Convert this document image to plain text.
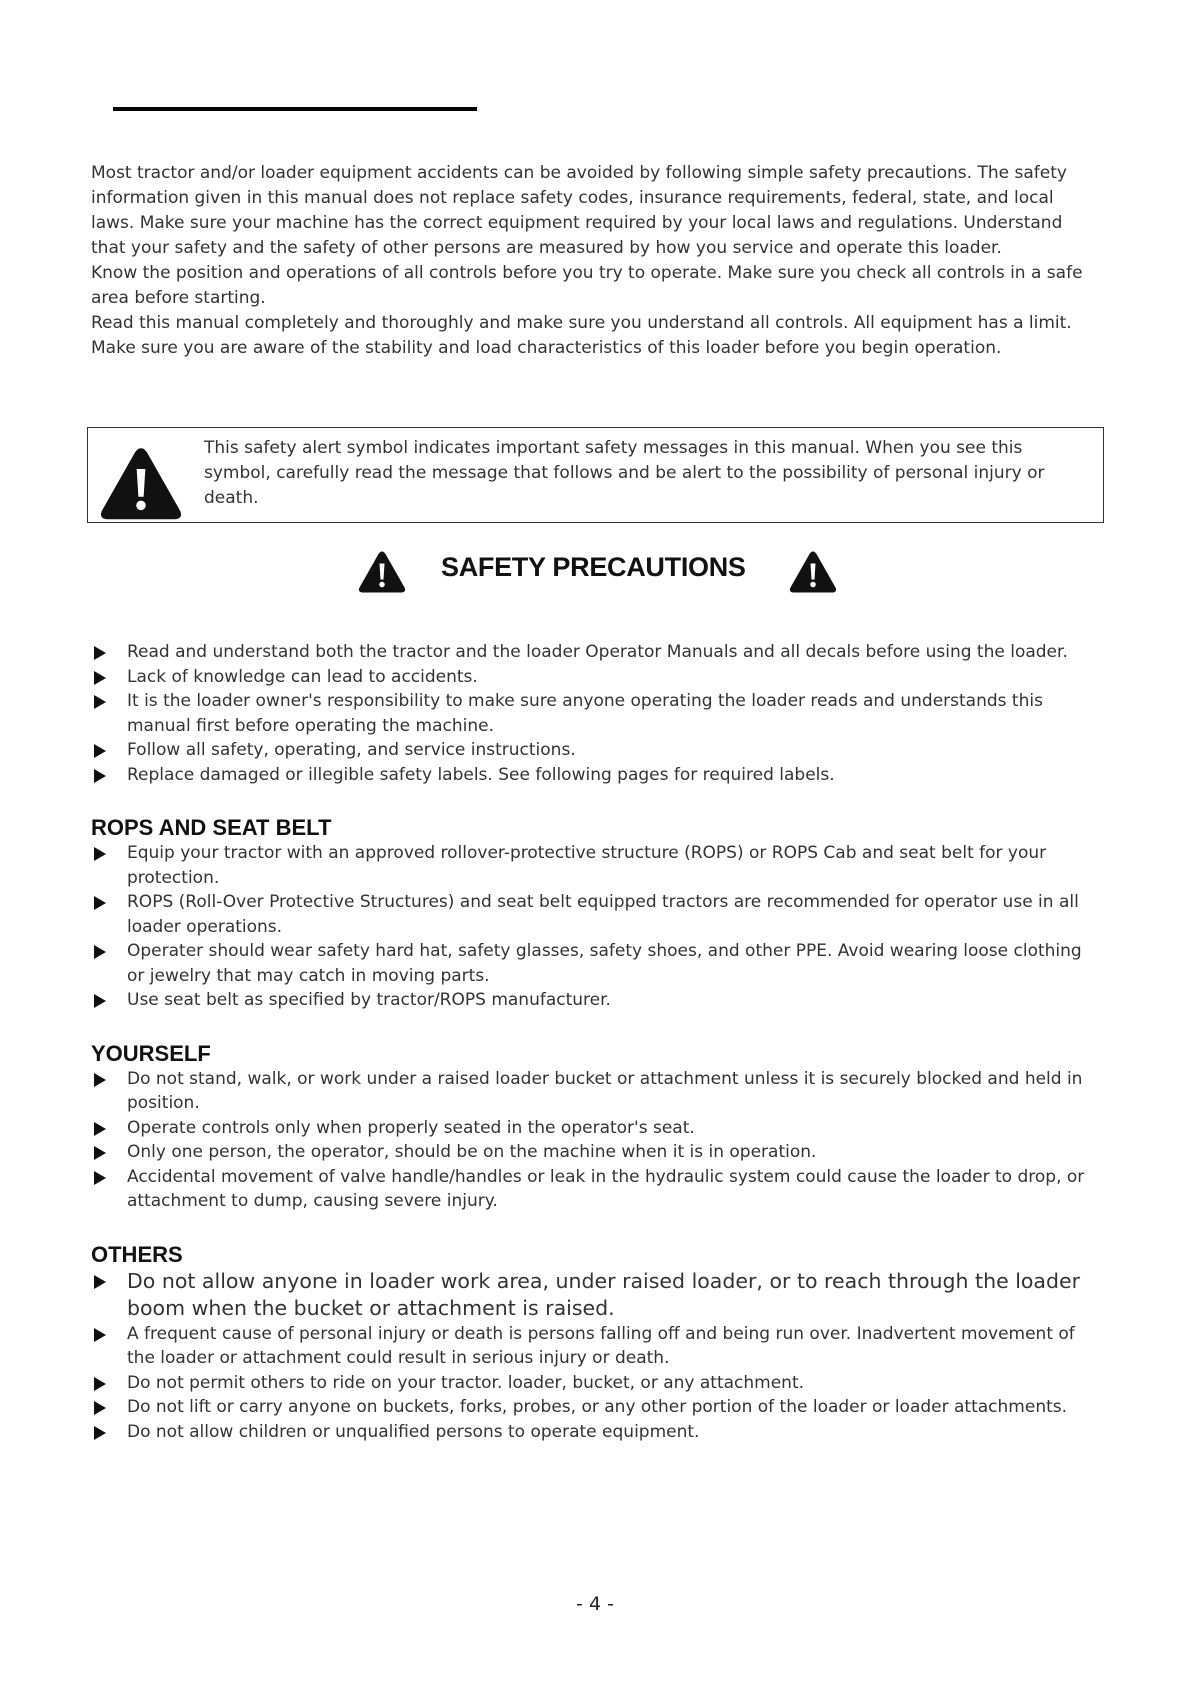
Most tractor and/or loader equipment accidents can be avoided by following simple safety precautions. The safety information given in this manual does not replace safety codes, insurance requirements, federal, state, and local laws. Make sure your machine has the correct equipment required by your local laws and regulations. Understand that your safety and the safety of other persons are measured by how you service and operate this loader.

Know the position and operations of all controls before you try to operate. Make sure you check all controls in a safe area before starting.

Read this manual completely and thoroughly and make sure you understand all controls. All equipment has a limit. Make sure you are aware of the stability and load characteristics of this loader before you begin operation.

This safety alert symbol indicates important safety messages in this manual. When you see this symbol, carefully read the message that follows and be alert to the possibility of personal injury or death.
SAFETY PRECAUTIONS
Read and understand both the tractor and the loader Operator Manuals and all decals before using the loader.
Lack of knowledge can lead to accidents.
It is the loader owner's responsibility to make sure anyone operating the loader reads and understands this manual first before operating the machine.
Follow all safety, operating, and service instructions.
Replace damaged or illegible safety labels. See following pages for required labels.
ROPS AND SEAT BELT
Equip your tractor with an approved rollover-protective structure (ROPS) or ROPS Cab and seat belt for your protection.
ROPS (Roll-Over Protective Structures) and seat belt equipped tractors are recommended for operator use in all loader operations.
Operater should wear safety hard hat, safety glasses, safety shoes, and other PPE. Avoid wearing loose clothing or jewelry that may catch in moving parts.
Use seat belt as specified by tractor/ROPS manufacturer.
YOURSELF
Do not stand, walk, or work under a raised loader bucket or attachment unless it is securely blocked and held in position.
Operate controls only when properly seated in the operator's seat.
Only one person, the operator, should be on the machine when it is in operation.
Accidental movement of valve handle/handles or leak in the hydraulic system could cause the loader to drop, or attachment to dump, causing severe injury.
OTHERS
Do not allow anyone in loader work area, under raised loader, or to reach through the loader boom when the bucket or attachment is raised.
A frequent cause of personal injury or death is persons falling off and being run over. Inadvertent movement of the loader or attachment could result in serious injury or death.
Do not permit others to ride on your tractor. loader, bucket, or any attachment.
Do not lift or carry anyone on buckets, forks, probes, or any other portion of the loader or loader attachments.
Do not allow children or unqualified persons to operate equipment.
- 4 -
